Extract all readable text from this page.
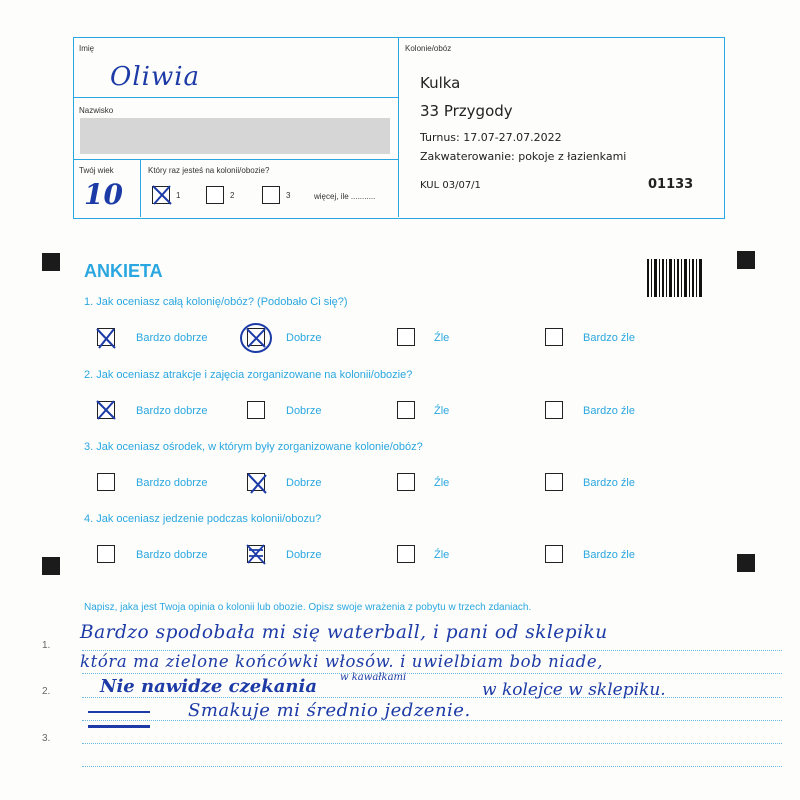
Imię
Oliwia
Nazwisko
Twój wiek
10
Który raz jesteś na kolonii/obozie?
1	2	3	więcej, ile ...........
Kolonie/obóz
Kulka
33 Przygody
Turnus: 17.07-27.07.2022
Zakwaterowanie: pokoje z łazienkami
KUL 03/07/1	01133
ANKIETA
1. Jak oceniasz całą kolonię/obóz? (Podobało Ci się?)
Bardzo dobrze	Dobrze	Źle	Bardzo źle
2. Jak oceniasz atrakcje i zajęcia zorganizowane na kolonii/obozie?
Bardzo dobrze	Dobrze	Źle	Bardzo źle
3. Jak oceniasz ośrodek, w którym były zorganizowane kolonie/obóz?
Bardzo dobrze	Dobrze	Źle	Bardzo źle
4. Jak oceniasz jedzenie podczas kolonii/obozu?
Bardzo dobrze	Dobrze	Źle	Bardzo źle
Napisz, jaka jest Twoja opinia o kolonii lub obozie. Opisz swoje wrażenia z pobytu w trzech zdaniach.
1.
2.
3.
Bardzo spodobała mi się waterball, i pani od sklepiku
która ma zielone końcówki włosów. i uwielbiam bob niade,
Nie nawidze czekania w kawałkami
w kolejce w sklepiku.
Smakuje mi średnio jedzenie.
